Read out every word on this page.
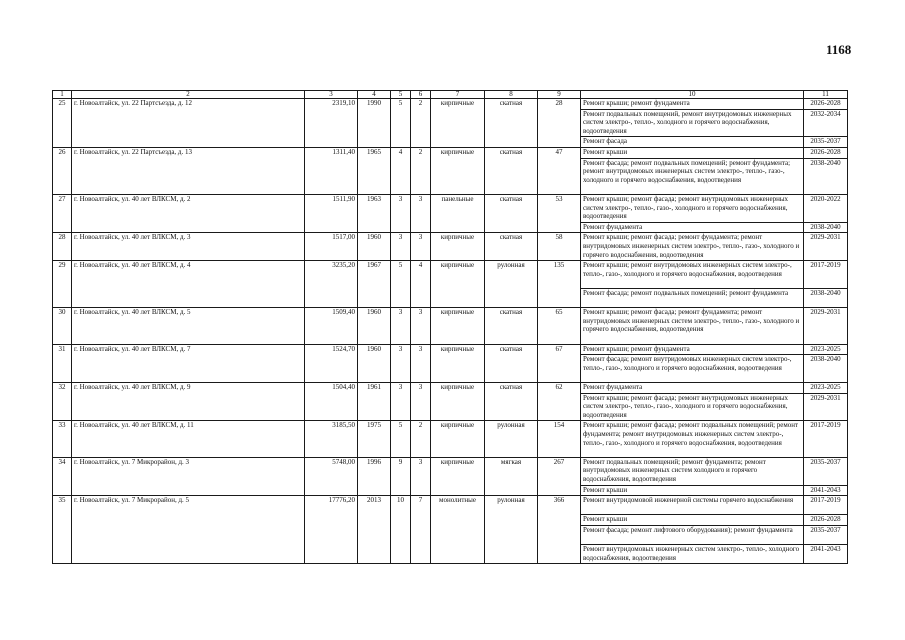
1168
1	2	3	4	5	6	7	8	9	10	11
25	г. Новоалтайск, ул. 22 Партсъезда, д. 12	2319,10	1990	5	2	кирпичные	скатная	28	Ремонт крыши; ремонт фундамента	2026-2028
									Ремонт подвальных помещений, ремонт внутридомовых инженерных систем электро-, тепло-, холодного и горячего водоснабжения, водоотведения	2032-2034
									Ремонт фасада	2035-2037
26	г. Новоалтайск, ул. 22 Партсъезда, д. 13	1311,40	1965	4	2	кирпичные	скатная	47	Ремонт крыши	2026-2028
									Ремонт фасада; ремонт подвальных помещений; ремонт фундамента; ремонт внутридомовых инженерных систем электро-, тепло-, газо-, холодного и горячего водоснабжения, водоотведения	2038-2040
27	г. Новоалтайск, ул. 40 лет ВЛКСМ, д. 2	1511,90	1963	3	3	панельные	скатная	53	Ремонт крыши; ремонт фасада; ремонт внутридомовых инженерных систем электро-, тепло-, газо-, холодного и горячего водоснабжения, водоотведения	2020-2022
									Ремонт фундамента	2038-2040
28	г. Новоалтайск, ул. 40 лет ВЛКСМ, д. 3	1517,00	1960	3	3	кирпичные	скатная	58	Ремонт крыши; ремонт фасада; ремонт фундамента; ремонт внутридомовых инженерных систем электро-, тепло-, газо-, холодного и горячего водоснабжения, водоотведения	2029-2031
29	г. Новоалтайск, ул. 40 лет ВЛКСМ, д. 4	3235,20	1967	5	4	кирпичные	рулонная	135	Ремонт крыши; ремонт внутридомовых инженерных систем электро-, тепло-, газо-, холодного и горячего водоснабжения, водоотведения	2017-2019
									Ремонт фасада; ремонт подвальных помещений; ремонт фундамента	2038-2040
30	г. Новоалтайск, ул. 40 лет ВЛКСМ, д. 5	1509,40	1960	3	3	кирпичные	скатная	65	Ремонт крыши; ремонт фасада; ремонт фундамента; ремонт внутридомовых инженерных систем электро-, тепло-, газо-, холодного и горячего водоснабжения, водоотведения	2029-2031
31	г. Новоалтайск, ул. 40 лет ВЛКСМ, д. 7	1524,70	1960	3	3	кирпичные	скатная	67	Ремонт крыши; ремонт фундамента	2023-2025
									Ремонт фасада; ремонт внутридомовых инженерных систем электро-, тепло-, газо-, холодного и горячего водоснабжения, водоотведения	2038-2040
32	г. Новоалтайск, ул. 40 лет ВЛКСМ, д. 9	1504,40	1961	3	3	кирпичные	скатная	62	Ремонт фундамента	2023-2025
									Ремонт крыши; ремонт фасада; ремонт внутридомовых инженерных систем электро-, тепло-, газо-, холодного и горячего водоснабжения, водоотведения	2029-2031
33	г. Новоалтайск, ул. 40 лет ВЛКСМ, д. 11	3185,50	1975	5	2	кирпичные	рулонная	154	Ремонт крыши; ремонт фасада; ремонт подвальных помещений; ремонт фундамента; ремонт внутридомовых инженерных систем электро-, тепло-, газо-, холодного и горячего водоснабжения, водоотведения	2017-2019
34	г. Новоалтайск, ул. 7 Микрорайон, д. 3	5748,00	1996	9	3	кирпичные	мягкая	267	Ремонт подвальных помещений; ремонт фундамента; ремонт внутридомовых инженерных систем холодного и горячего водоснабжения, водоотведения	2035-2037
									Ремонт крыши	2041-2043
35	г. Новоалтайск, ул. 7 Микрорайон, д. 5	17776,20	2013	10	7	монолитные	рулонная	366	Ремонт внутридомовой инженерной системы горячего водоснабжения	2017-2019
									Ремонт крыши	2026-2028
									Ремонт фасада; ремонт лифтового оборудования); ремонт фундамента	2035-2037
									Ремонт внутридомовых инженерных систем электро-, тепло-, холодного водоснабжения, водоотведения	2041-2043
